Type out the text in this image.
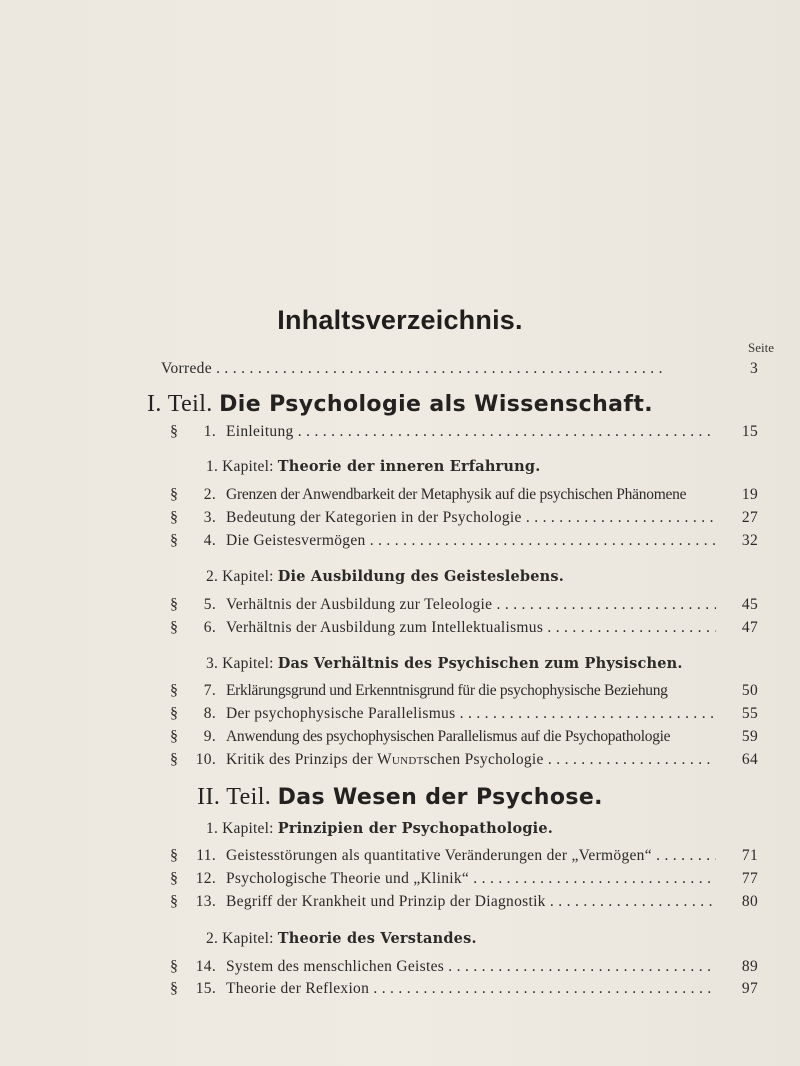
Inhaltsverzeichnis.
Seite
Vorrede . . .	3
I. Teil. Die Psychologie als Wissenschaft.
§	1. Einleitung . . .	15
1. Kapitel: Theorie der inneren Erfahrung.
§	2. Grenzen der Anwendbarkeit der Metaphysik auf die psychischen Phänomene	19
§	3. Bedeutung der Kategorien in der Psychologie . . .	27
§	4. Die Geistesvermögen . . .	32
2. Kapitel: Die Ausbildung des Geisteslebens.
§	5. Verhältnis der Ausbildung zur Teleologie . . .	45
§	6. Verhältnis der Ausbildung zum Intellektualismus . . .	47
3. Kapitel: Das Verhältnis des Psychischen zum Physischen.
§	7. Erklärungsgrund und Erkenntnisgrund für die psychophysische Beziehung	50
§	8. Der psychophysische Parallelismus . . .	55
§	9. Anwendung des psychophysischen Parallelismus auf die Psychopathologie	59
§	10. Kritik des Prinzips der Wundtschen Psychologie . . .	64
II. Teil. Das Wesen der Psychose.
1. Kapitel: Prinzipien der Psychopathologie.
§	11. Geistesstörungen als quantitative Veränderungen der „Vermögen“ . . .	71
§	12. Psychologische Theorie und „Klinik“ . . .	77
§	13. Begriff der Krankheit und Prinzip der Diagnostik . . .	80
2. Kapitel: Theorie des Verstandes.
§	14. System des menschlichen Geistes . . .	89
§	15. Theorie der Reflexion . . .	97
